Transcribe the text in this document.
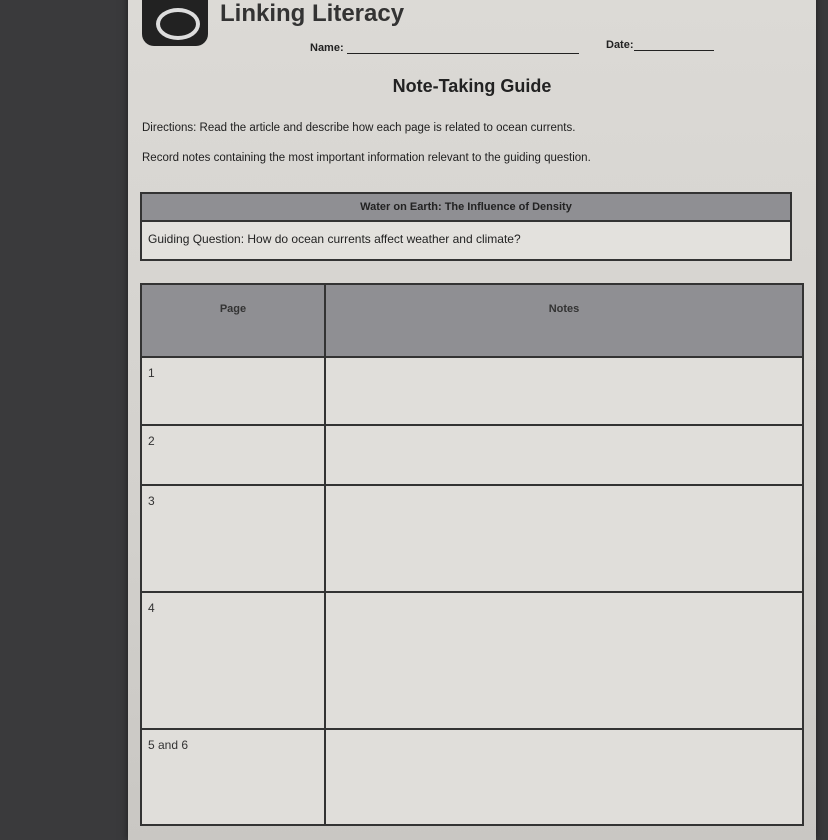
Linking Literacy
Name:	Date:
Note-Taking Guide
Directions: Read the article and describe how each page is related to ocean currents.
Record notes containing the most important information relevant to the guiding question.
Water on Earth: The Influence of Density
Guiding Question: How do ocean currents affect weather and climate?
Page	Notes
1	
2	
3	
4	
5 and 6	
